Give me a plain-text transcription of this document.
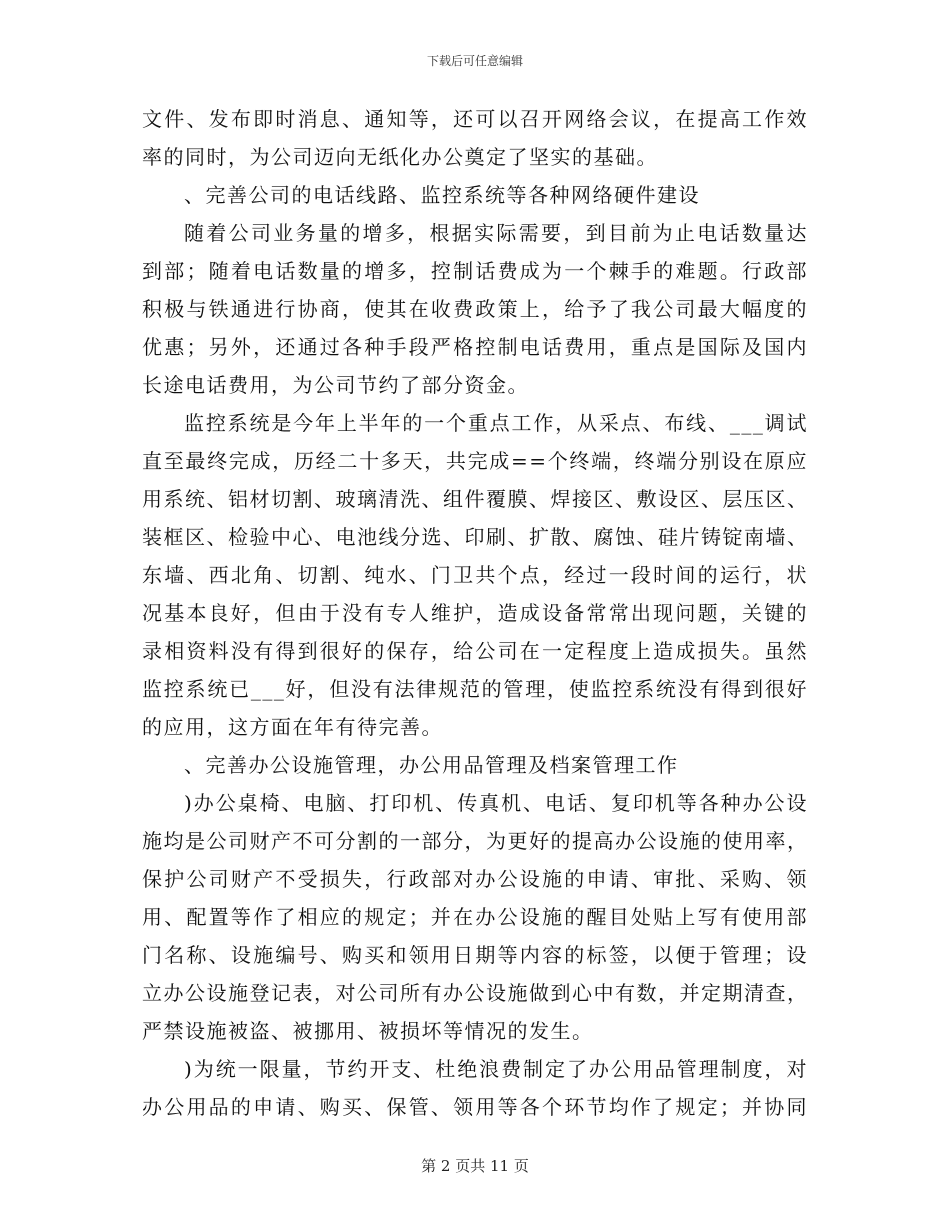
下载后可任意编辑
文件、发布即时消息、通知等，还可以召开网络会议，在提高工作效
率的同时，为公司迈向无纸化办公奠定了坚实的基础。
、完善公司的电话线路、监控系统等各种网络硬件建设
随着公司业务量的增多，根据实际需要，到目前为止电话数量达
到部；随着电话数量的增多，控制话费成为一个棘手的难题。行政部
积极与铁通进行协商，使其在收费政策上，给予了我公司最大幅度的
优惠；另外，还通过各种手段严格控制电话费用，重点是国际及国内
长途电话费用，为公司节约了部分资金。
监控系统是今年上半年的一个重点工作，从采点、布线、___调试
直至最终完成，历经二十多天，共完成==个终端，终端分别设在原应
用系统、铝材切割、玻璃清洗、组件覆膜、焊接区、敷设区、层压区、
装框区、检验中心、电池线分选、印刷、扩散、腐蚀、硅片铸锭南墙、
东墙、西北角、切割、纯水、门卫共个点，经过一段时间的运行，状
况基本良好，但由于没有专人维护，造成设备常常出现问题，关键的
录相资料没有得到很好的保存，给公司在一定程度上造成损失。虽然
监控系统已___好，但没有法律规范的管理，使监控系统没有得到很好
的应用，这方面在年有待完善。
、完善办公设施管理，办公用品管理及档案管理工作
)办公桌椅、电脑、打印机、传真机、电话、复印机等各种办公设
施均是公司财产不可分割的一部分，为更好的提高办公设施的使用率，
保护公司财产不受损失，行政部对办公设施的申请、审批、采购、领
用、配置等作了相应的规定；并在办公设施的醒目处贴上写有使用部
门名称、设施编号、购买和领用日期等内容的标签，以便于管理；设
立办公设施登记表，对公司所有办公设施做到心中有数，并定期清查，
严禁设施被盗、被挪用、被损坏等情况的发生。
)为统一限量，节约开支、杜绝浪费制定了办公用品管理制度，对
办公用品的申请、购买、保管、领用等各个环节均作了规定；并协同
第 2 页共 11 页
